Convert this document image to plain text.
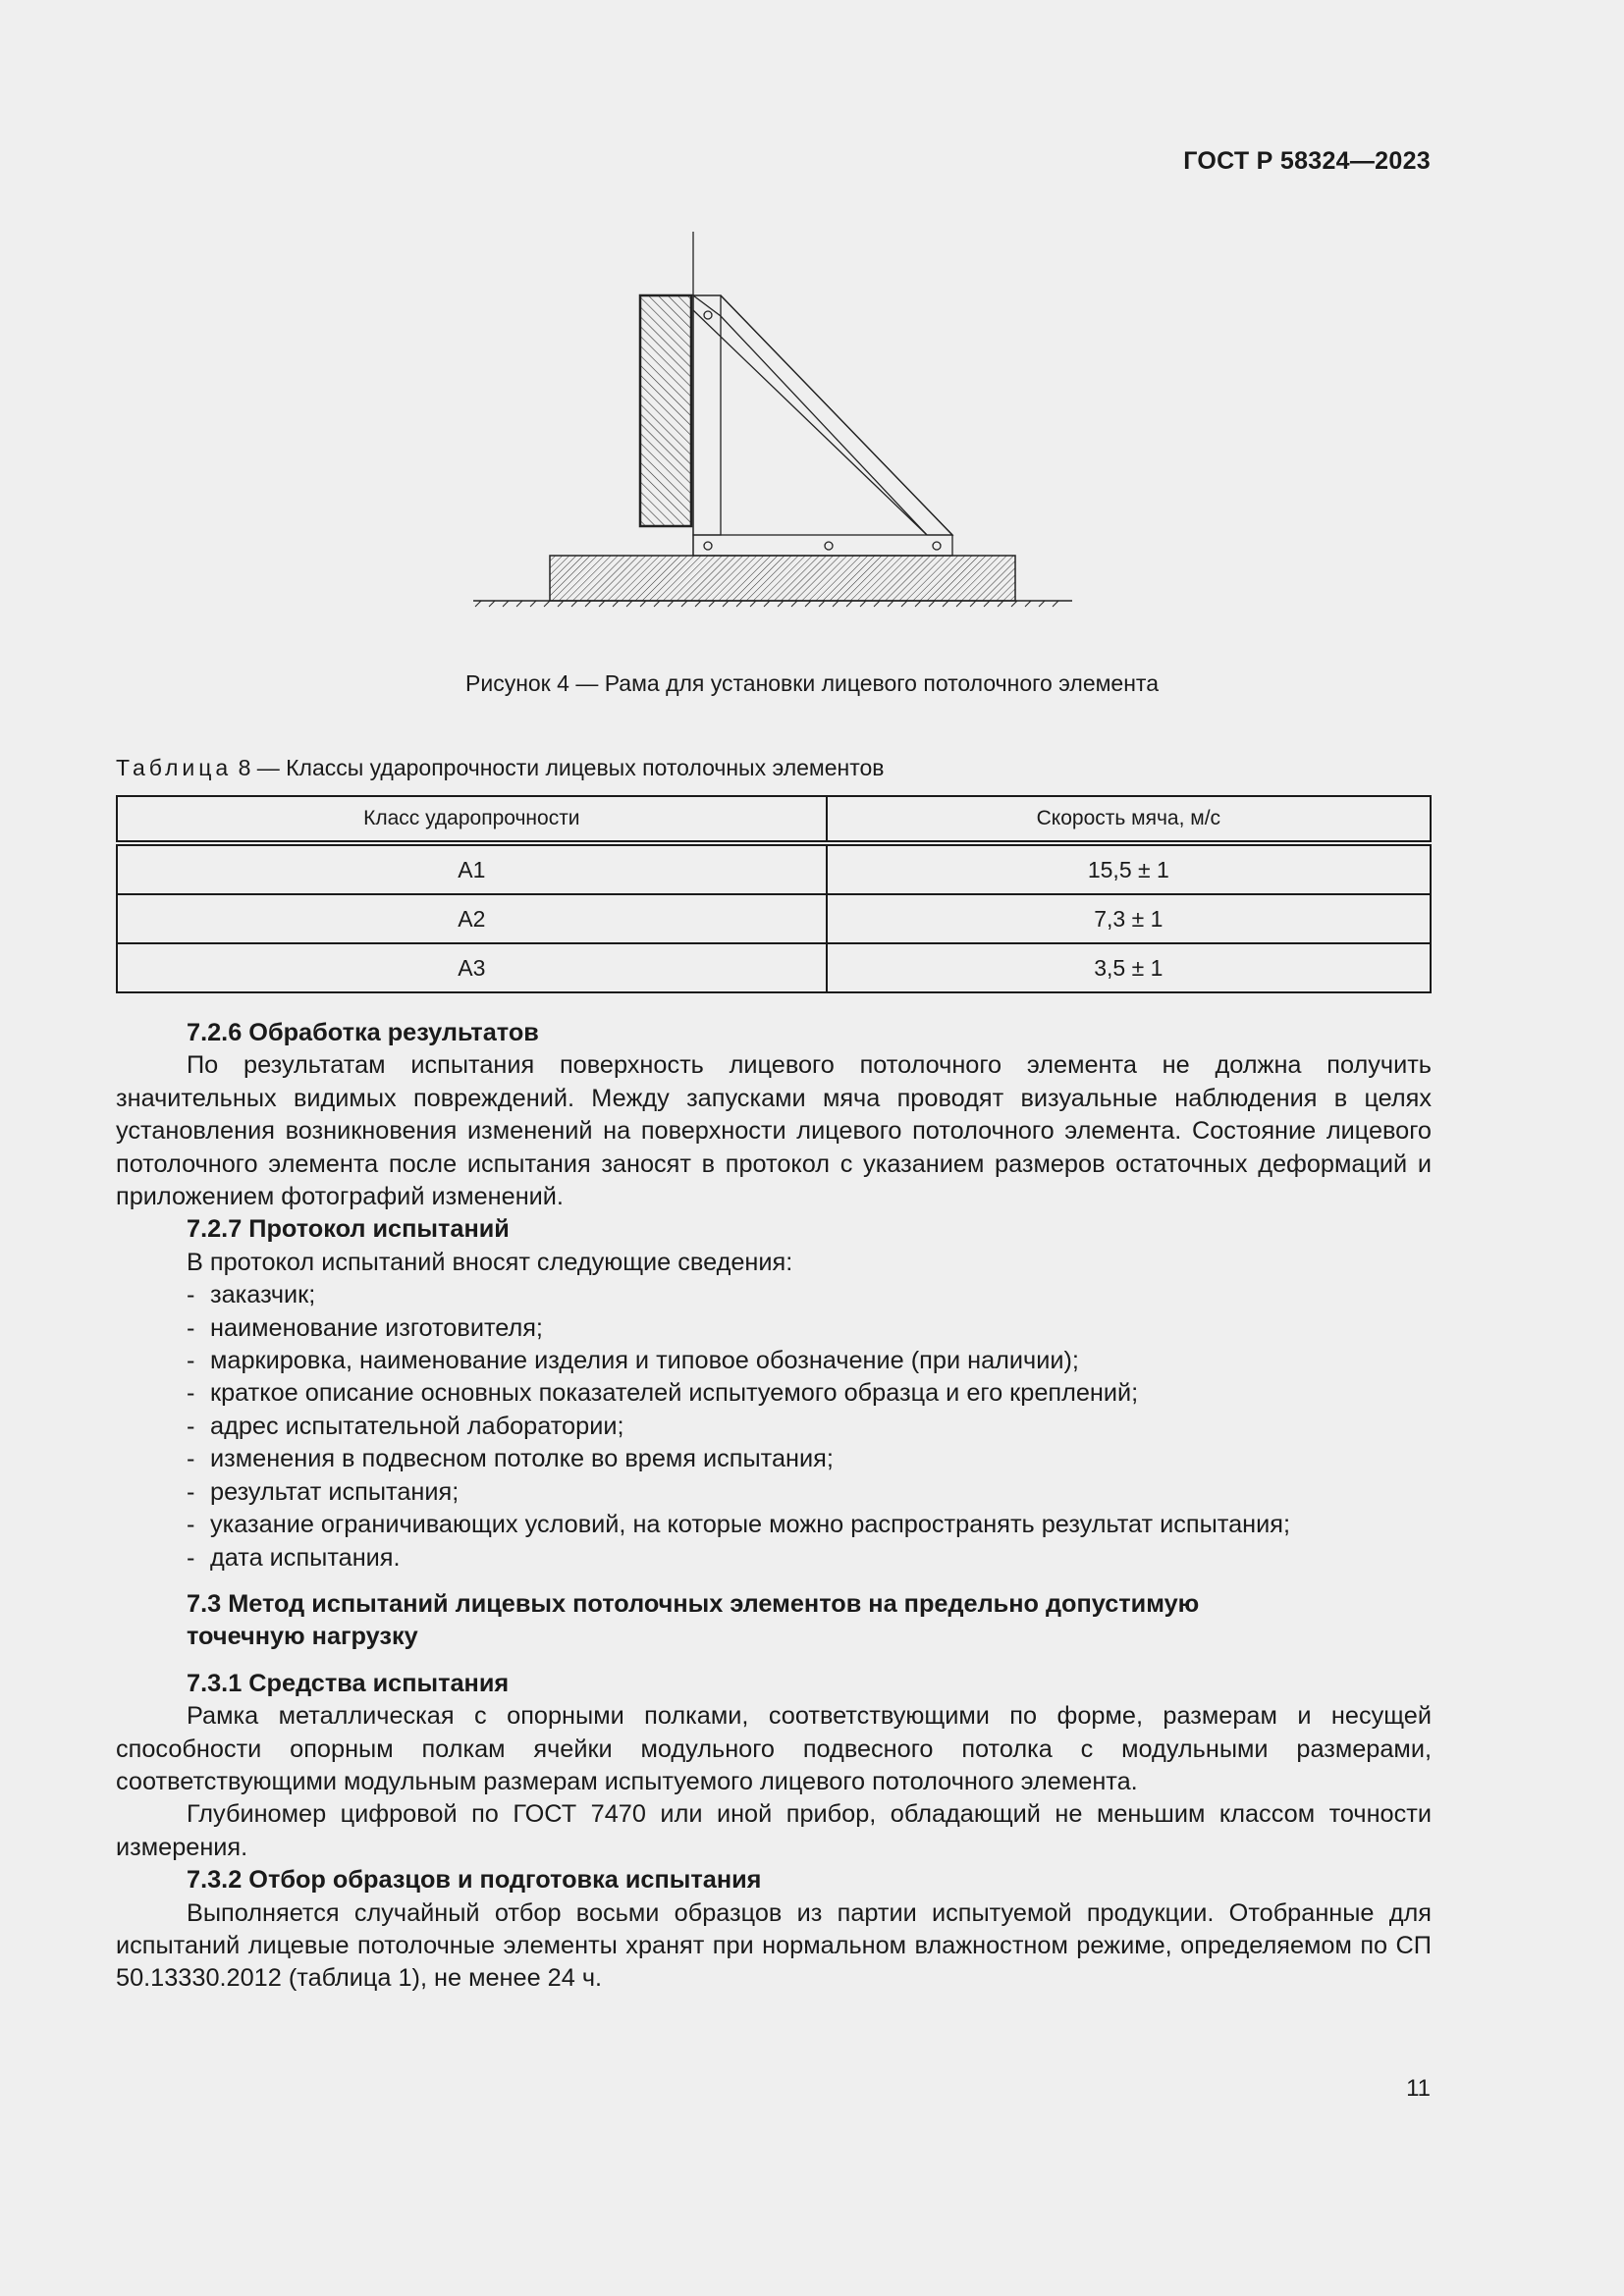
ГОСТ Р 58324—2023
Рисунок 4 — Рама для установки лицевого потолочного элемента
Таблица 8 — Классы ударопрочности лицевых потолочных элементов
Класс ударопрочности	Скорость мяча, м/с
А1	15,5 ± 1
А2	7,3 ± 1
А3	3,5 ± 1

7.2.6 Обработка результатов

По результатам испытания поверхность лицевого потолочного элемента не должна получить значительных видимых повреждений. Между запусками мяча проводят визуальные наблюдения в целях установления возникновения изменений на поверхности лицевого потолочного элемента. Состояние лицевого потолочного элемента после испытания заносят в протокол с указанием размеров остаточных деформаций и приложением фотографий изменений.

7.2.7 Протокол испытаний

В протокол испытаний вносят следующие сведения:

- заказчик;

- наименование изготовителя;

- маркировка, наименование изделия и типовое обозначение (при наличии);

- краткое описание основных показателей испытуемого образца и его креплений;

- адрес испытательной лаборатории;

- изменения в подвесном потолке во время испытания;

- результат испытания;

- указание ограничивающих условий, на которые можно распространять результат испытания;

- дата испытания.

7.3 Метод испытаний лицевых потолочных элементов на предельно допустимую

точечную нагрузку

7.3.1 Средства испытания

Рамка металлическая с опорными полками, соответствующими по форме, размерам и несущей способности опорным полкам ячейки модульного подвесного потолка с модульными размерами, соответствующими модульным размерам испытуемого лицевого потолочного элемента.

Глубиномер цифровой по ГОСТ 7470 или иной прибор, обладающий не меньшим классом точности измерения.

7.3.2 Отбор образцов и подготовка испытания

Выполняется случайный отбор восьми образцов из партии испытуемой продукции. Отобранные для испытаний лицевые потолочные элементы хранят при нормальном влажностном режиме, определяемом по СП 50.13330.2012 (таблица 1), не менее 24 ч.

11
